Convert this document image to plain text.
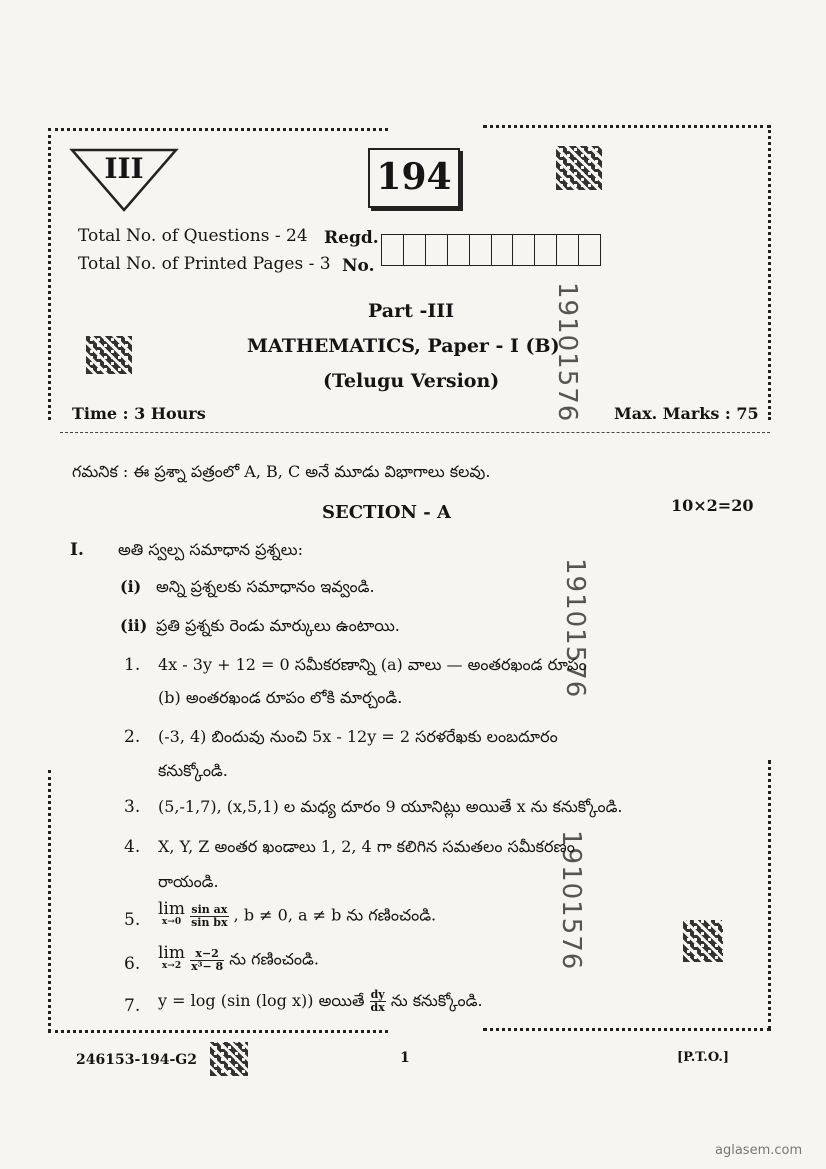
III	194
Total No. of Questions - 24
Total No. of Printed Pages - 3
Regd.
No.
Part -III
MATHEMATICS, Paper - I (B)
(Telugu Version) 19101576
19101576
19101576
Time : 3 Hours	Max. Marks : 75
గమనిక : ఈ ప్రశ్నా పత్రంలో A, B, C అనే మూడు విభాగాలు కలవు.
SECTION - A	10×2=20
I. అతి స్వల్ప సమాధాన ప్రశ్నలు:
(i) అన్ని ప్రశ్నలకు సమాధానం ఇవ్వండి.
(ii) ప్రతి ప్రశ్నకు రెండు మార్కులు ఉంటాయి.
1. 4x - 3y + 12 = 0 సమీకరణాన్ని (a) వాలు — అంతరఖండ రూపం
(b) అంతరఖండ రూపం లోకి మార్చండి.
2. (-3, 4) బిందువు నుంచి 5x - 12y = 2 సరళరేఖకు లంబదూరం
కనుక్కోండి.
3. (5,-1,7), (x,5,1) ల మధ్య దూరం 9 యూనిట్లు అయితే x ను కనుక్కోండి.
4. X, Y, Z అంతర ఖండాలు 1, 2, 4 గా కలిగిన సమతలం సమీకరణం
రాయండి.
5.
lim
x→0
$\frac{\text{sin ax}}{\text{sin bx}}$ , b ≠ 0, a ≠ b ను గణించండి.
6.
lim
x→2
$\frac{x-2}{\text{x³− 8}}$ ను గణించండి.
7. y = log (sin (log x)) అయితే $\frac{dy}{dx}$ ను కనుక్కోండి.
246153-194-G2	1	[P.T.O.]
aglasem.com
